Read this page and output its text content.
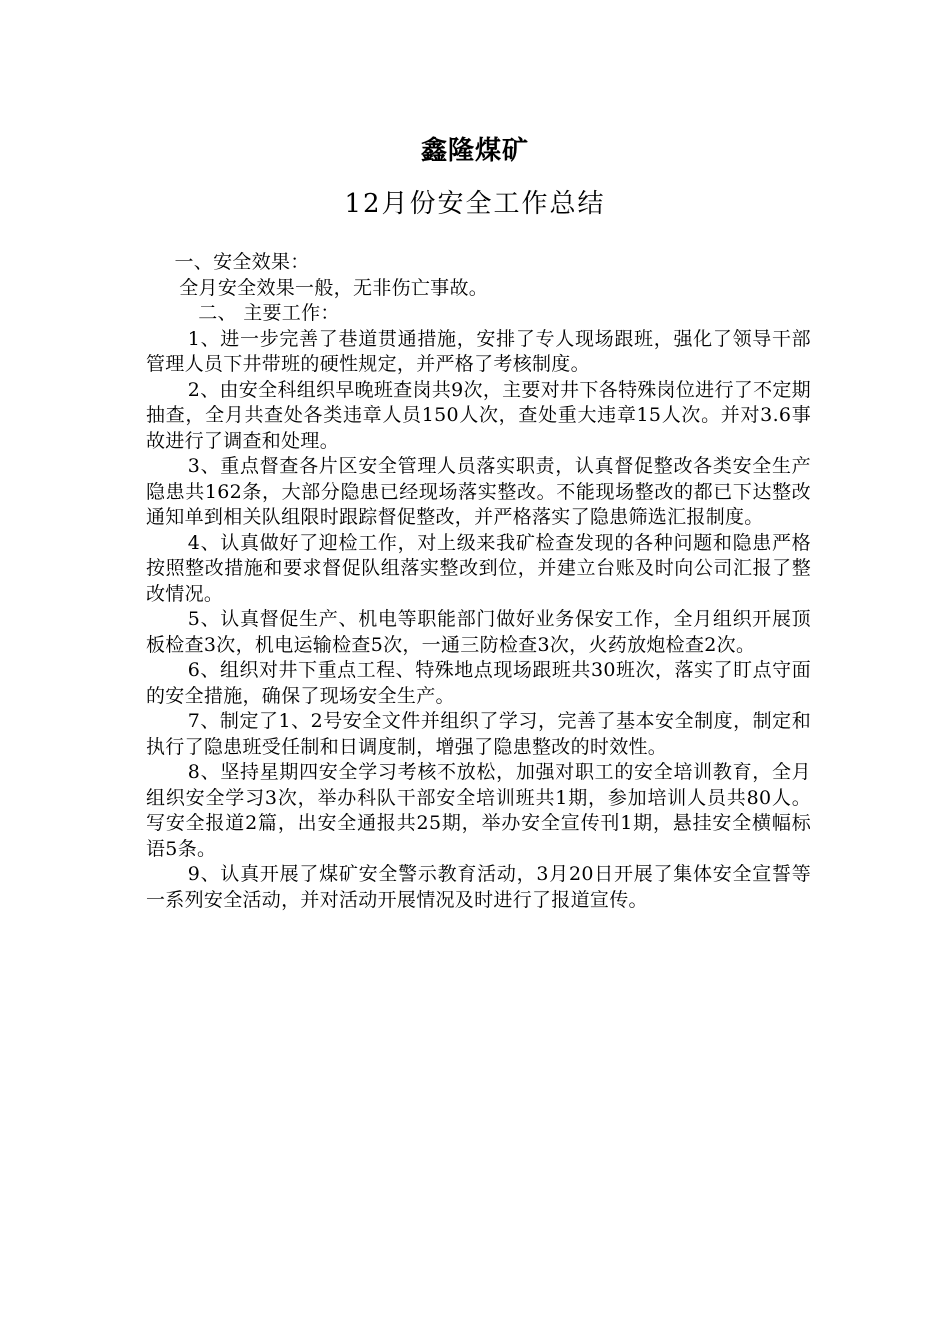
鑫隆煤矿
12月份安全工作总结

一、安全效果：

全月安全效果一般，无非伤亡事故。

二、 主要工作：

1、进一步完善了巷道贯通措施，安排了专人现场跟班，强化了领导干部管理人员下井带班的硬性规定，并严格了考核制度。

2、由安全科组织早晚班查岗共9次，主要对井下各特殊岗位进行了不定期抽查，全月共查处各类违章人员150人次，查处重大违章15人次。并对3.6事故进行了调查和处理。

3、重点督查各片区安全管理人员落实职责，认真督促整改各类安全生产隐患共162条，大部分隐患已经现场落实整改。不能现场整改的都已下达整改通知单到相关队组限时跟踪督促整改，并严格落实了隐患筛选汇报制度。

4、认真做好了迎检工作，对上级来我矿检查发现的各种问题和隐患严格按照整改措施和要求督促队组落实整改到位，并建立台账及时向公司汇报了整改情况。

5、认真督促生产、机电等职能部门做好业务保安工作，全月组织开展顶板检查3次，机电运输检查5次，一通三防检查3次，火药放炮检查2次。

6、组织对井下重点工程、特殊地点现场跟班共30班次，落实了盯点守面的安全措施，确保了现场安全生产。

7、制定了1、2号安全文件并组织了学习，完善了基本安全制度，制定和执行了隐患班受任制和日调度制，增强了隐患整改的时效性。

8、坚持星期四安全学习考核不放松，加强对职工的安全培训教育，全月组织安全学习3次，举办科队干部安全培训班共1期，参加培训人员共80人。写安全报道2篇，出安全通报共25期，举办安全宣传刊1期，悬挂安全横幅标语5条。

9、认真开展了煤矿安全警示教育活动，3月20日开展了集体安全宣誓等一系列安全活动，并对活动开展情况及时进行了报道宣传。
